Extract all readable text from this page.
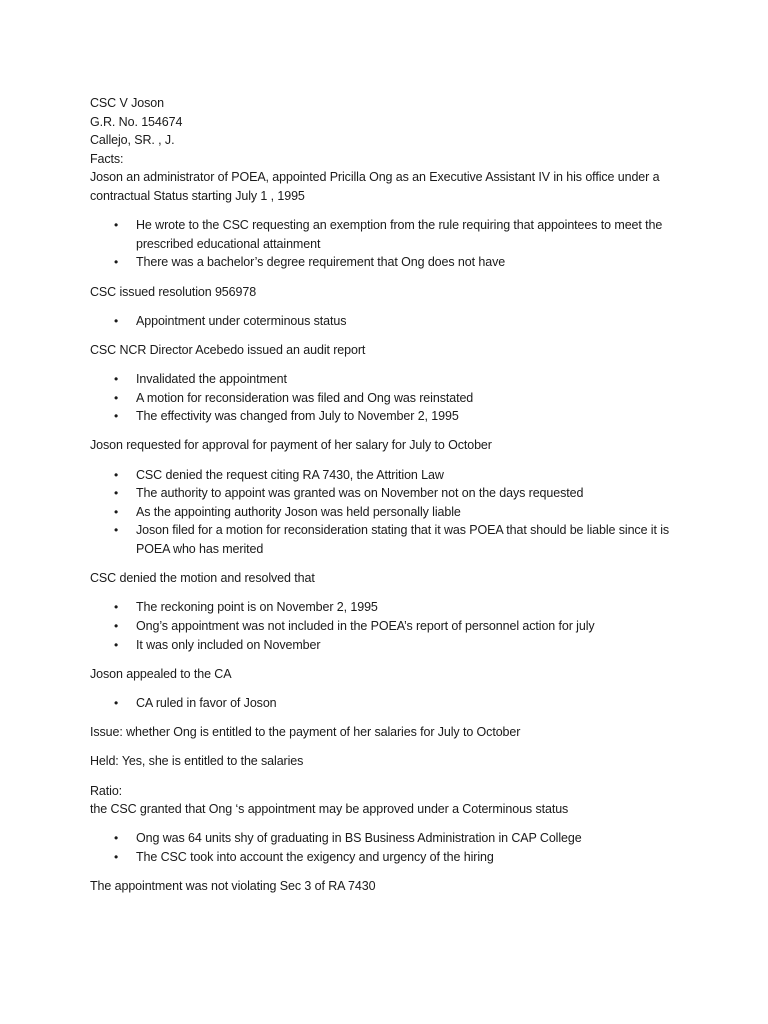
CSC V Joson
G.R. No. 154674
Callejo, SR. , J.
Facts:
Joson an administrator of POEA, appointed Pricilla Ong as an Executive Assistant IV in his office under a contractual Status starting July 1 , 1995
• He wrote to the CSC requesting an exemption from the rule requiring that appointees to meet the prescribed educational attainment
• There was a bachelor’s degree requirement that Ong does not have
CSC issued resolution 956978
• Appointment under coterminous status
CSC NCR Director Acebedo issued an audit report
• Invalidated the appointment
• A motion for reconsideration was filed and Ong was reinstated
• The effectivity was changed from July to November 2, 1995
Joson requested for approval for payment of her salary for July to October
• CSC denied the request citing RA 7430, the Attrition Law
• The authority to appoint was granted was on November not on the days requested
• As the appointing authority Joson was held personally liable
• Joson filed for a motion for reconsideration stating that it was POEA that should be liable since it is POEA who has merited
CSC denied the motion and resolved that
• The reckoning point is on November 2, 1995
• Ong’s appointment was not included in the POEA’s report of personnel action for july
• It was only included on November
Joson appealed to the CA
• CA ruled in favor of Joson
Issue: whether Ong is entitled to the payment of her salaries for July to October
Held: Yes, she is entitled to the salaries
Ratio:
the CSC granted that Ong ‘s appointment may be approved under a Coterminous status
• Ong was 64 units shy of graduating in BS Business Administration in CAP College
• The CSC took into account the exigency and urgency of the hiring
The appointment was not violating Sec 3 of RA 7430
